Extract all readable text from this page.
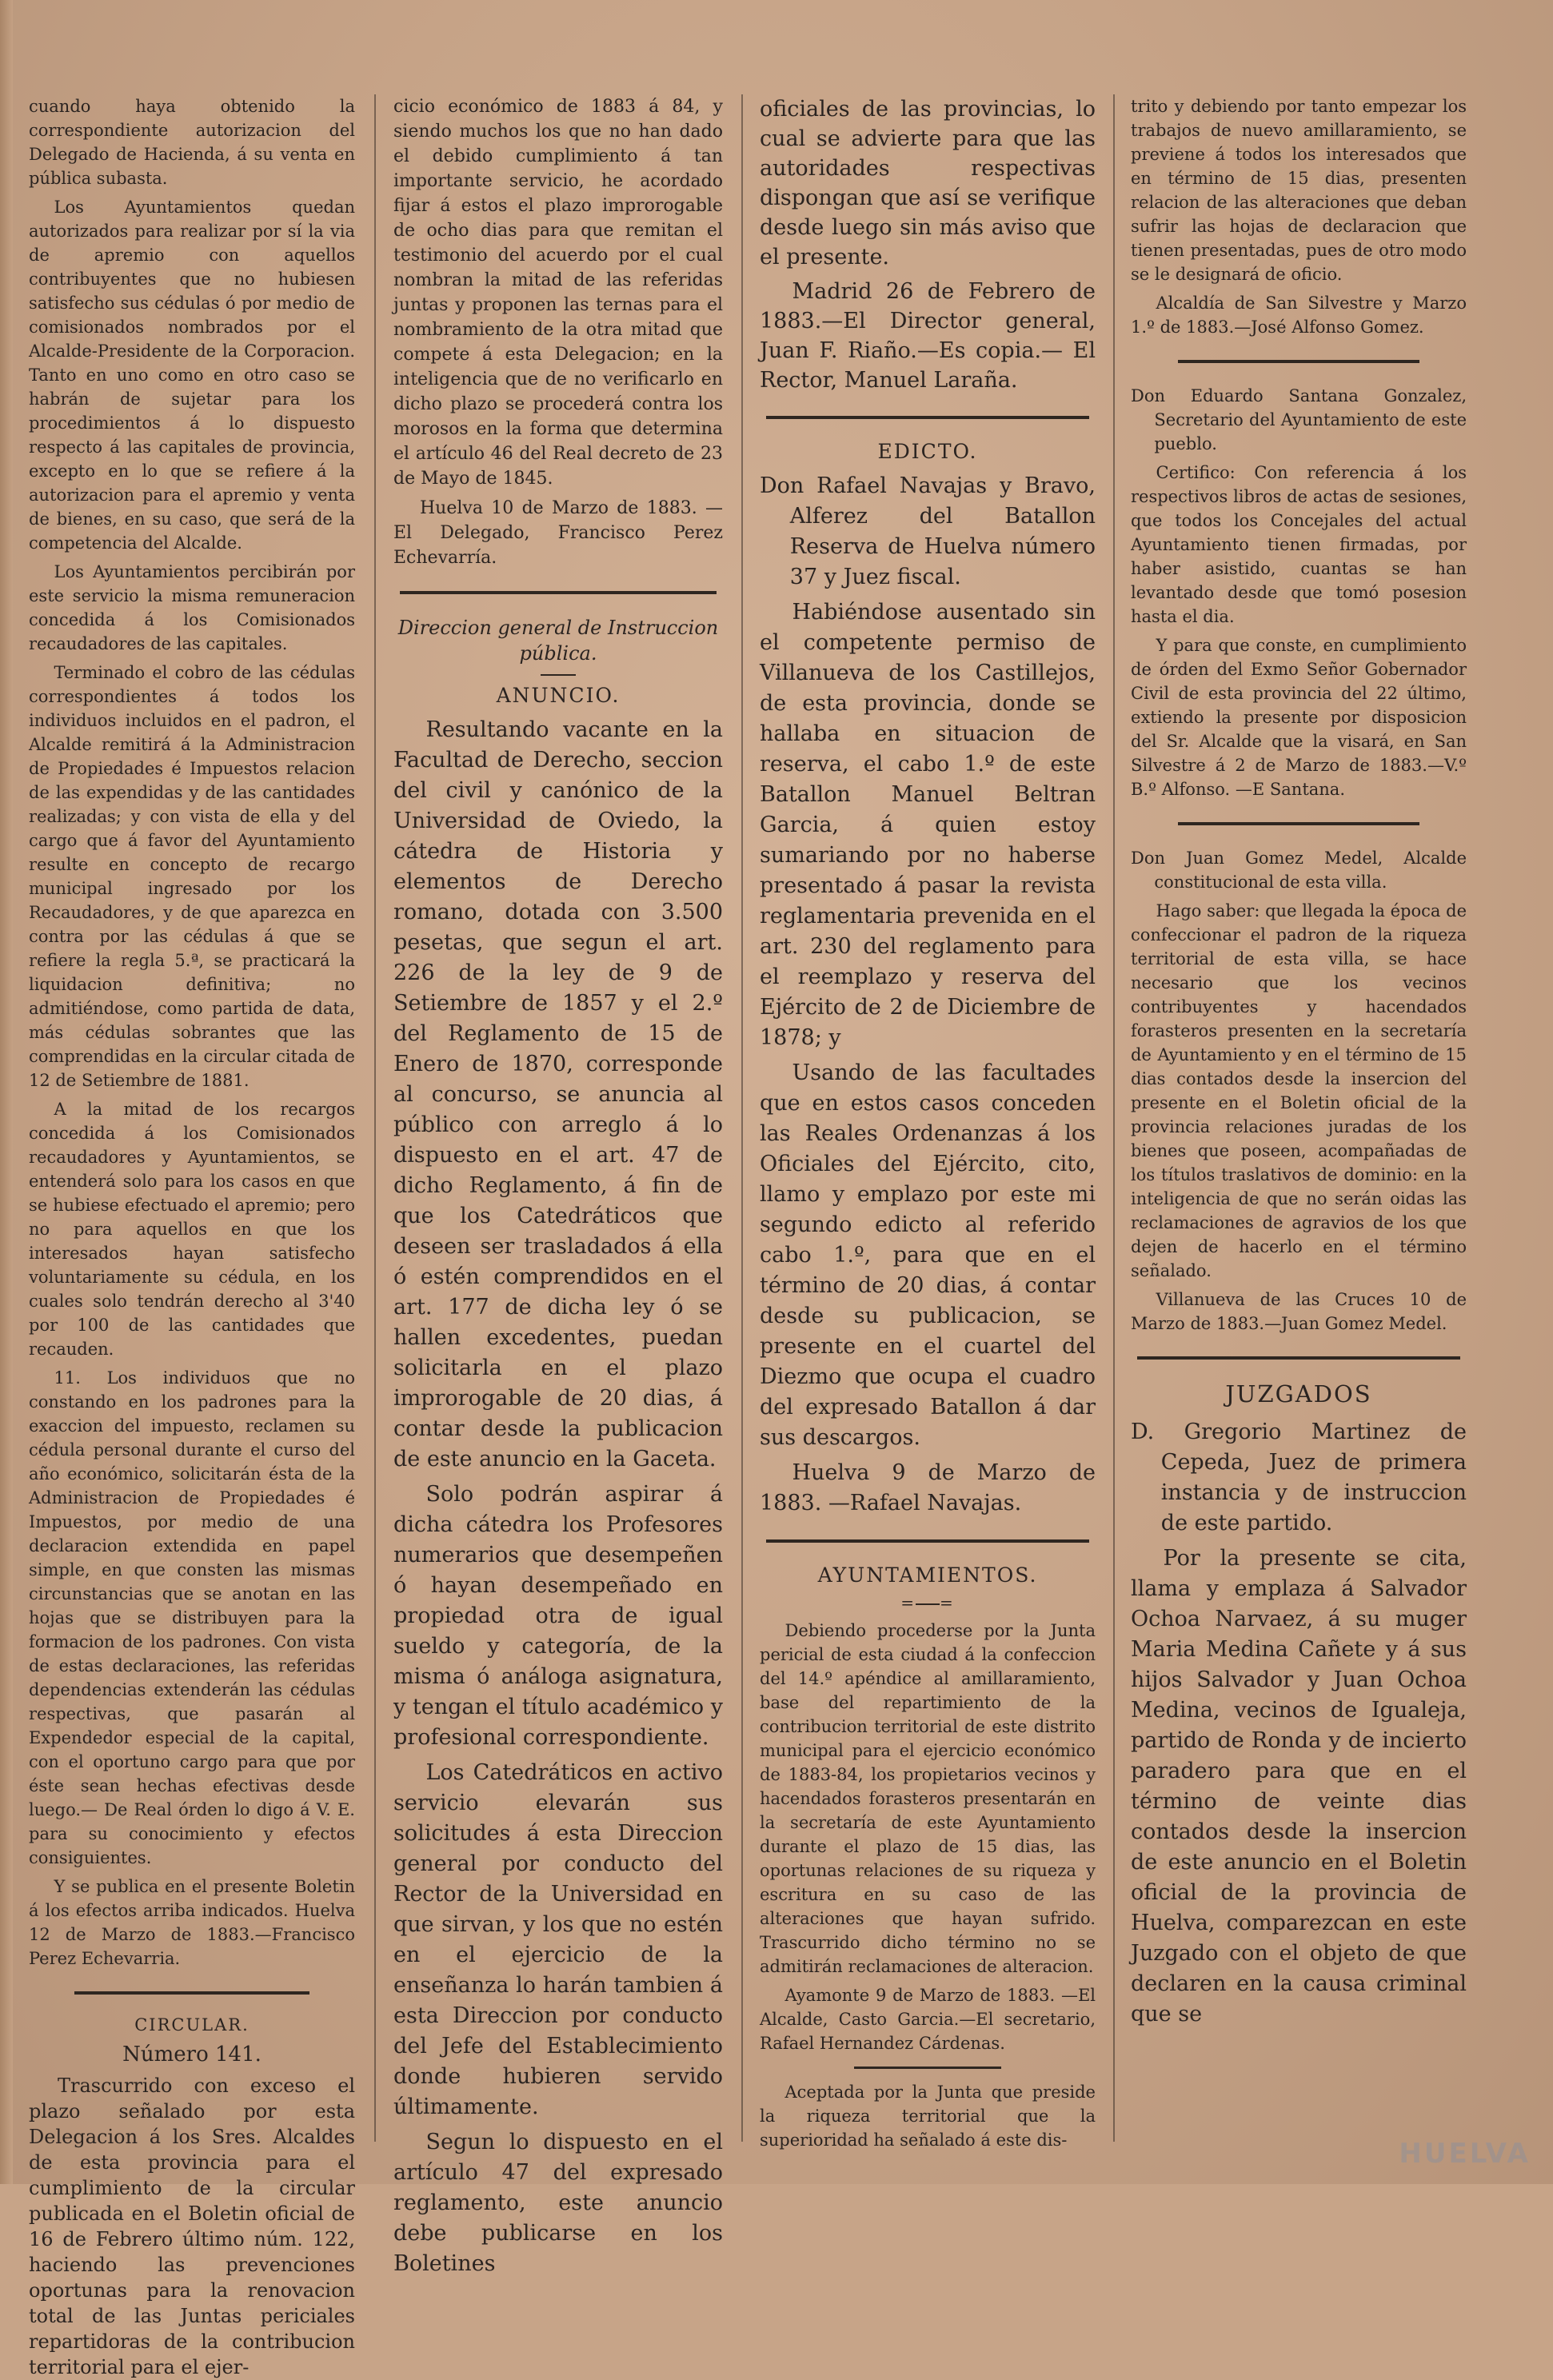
cuando haya obtenido la correspondiente autorizacion del Delegado de Hacienda, á su venta en pública subasta.

Los Ayuntamientos quedan autorizados para realizar por sí la via de apremio con aquellos contribuyentes que no hubiesen satisfecho sus cédulas ó por medio de comisionados nombrados por el Alcalde-Presidente de la Corporacion. Tanto en uno como en otro caso se habrán de sujetar para los procedimientos á lo dispuesto respecto á las capitales de provincia, excepto en lo que se refiere á la autorizacion para el apremio y venta de bienes, en su caso, que será de la competencia del Alcalde.

Los Ayuntamientos percibirán por este servicio la misma remuneracion concedida á los Comisionados recaudadores de las capitales.

Terminado el cobro de las cédulas correspondientes á todos los individuos incluidos en el padron, el Alcalde remitirá á la Administracion de Propiedades é Impuestos relacion de las expendidas y de las cantidades realizadas; y con vista de ella y del cargo que á favor del Ayuntamiento resulte en concepto de recargo municipal ingresado por los Recaudadores, y de que aparezca en contra por las cédulas á que se refiere la regla 5.ª, se practicará la liquidacion definitiva; no admitiéndose, como partida de data, más cédulas sobrantes que las comprendidas en la circular citada de 12 de Setiembre de 1881.

A la mitad de los recargos concedida á los Comisionados recaudadores y Ayuntamientos, se entenderá solo para los casos en que se hubiese efectuado el apremio; pero no para aquellos en que los interesados hayan satisfecho voluntariamente su cédula, en los cuales solo tendrán derecho al 3'40 por 100 de las cantidades que recauden.

11. Los individuos que no constando en los padrones para la exaccion del impuesto, reclamen su cédula personal durante el curso del año económico, solicitarán ésta de la Administracion de Propiedades é Impuestos, por medio de una declaracion extendida en papel simple, en que consten las mismas circunstancias que se anotan en las hojas que se distribuyen para la formacion de los padrones. Con vista de estas declaraciones, las referidas dependencias extenderán las cédulas respectivas, que pasarán al Expendedor especial de la capital, con el oportuno cargo para que por éste sean hechas efectivas desde luego.— De Real órden lo digo á V. E. para su conocimiento y efectos consiguientes.

Y se publica en el presente Boletin á los efectos arriba indicados. Huelva 12 de Marzo de 1883.—Francisco Perez Echevarria.

CIRCULAR.
Número 141.

Trascurrido con exceso el plazo señalado por esta Delegacion á los Sres. Alcaldes de esta provincia para el cumplimiento de la circular publicada en el Boletin oficial de 16 de Febrero último núm. 122, haciendo las prevenciones oportunas para la renovacion total de las Juntas periciales repartidoras de la contribucion territorial para el ejer-

cicio económico de 1883 á 84, y siendo muchos los que no han dado el debido cumplimiento á tan importante servicio, he acordado fijar á estos el plazo improrogable de ocho dias para que remitan el testimonio del acuerdo por el cual nombran la mitad de las referidas juntas y proponen las ternas para el nombramiento de la otra mitad que compete á esta Delegacion; en la inteligencia que de no verificarlo en dicho plazo se procederá contra los morosos en la forma que determina el artículo 46 del Real decreto de 23 de Mayo de 1845.

Huelva 10 de Marzo de 1883. —El Delegado, Francisco Perez Echevarría.

Direccion general de Instruccion pública.
ANUNCIO.

Resultando vacante en la Facultad de Derecho, seccion del civil y canónico de la Universidad de Oviedo, la cátedra de Historia y elementos de Derecho romano, dotada con 3.500 pesetas, que segun el art. 226 de la ley de 9 de Setiembre de 1857 y el 2.º del Reglamento de 15 de Enero de 1870, corresponde al concurso, se anuncia al público con arreglo á lo dispuesto en el art. 47 de dicho Reglamento, á fin de que los Catedráticos que deseen ser trasladados á ella ó estén comprendidos en el art. 177 de dicha ley ó se hallen excedentes, puedan solicitarla en el plazo improrogable de 20 dias, á contar desde la publicacion de este anuncio en la Gaceta.

Solo podrán aspirar á dicha cátedra los Profesores numerarios que desempeñen ó hayan desempeñado en propiedad otra de igual sueldo y categoría, de la misma ó análoga asignatura, y tengan el título académico y profesional correspondiente.

Los Catedráticos en activo servicio elevarán sus solicitudes á esta Direccion general por conducto del Rector de la Universidad en que sirvan, y los que no estén en el ejercicio de la enseñanza lo harán tambien á esta Direccion por conducto del Jefe del Establecimiento donde hubieren servido últimamente.

Segun lo dispuesto en el artículo 47 del expresado reglamento, este anuncio debe publicarse en los Boletines

oficiales de las provincias, lo cual se advierte para que las autoridades respectivas dispongan que así se verifique desde luego sin más aviso que el presente.

Madrid 26 de Febrero de 1883.—El Director general, Juan F. Riaño.—Es copia.— El Rector, Manuel Laraña.

EDICTO.

Don Rafael Navajas y Bravo, Alferez del Batallon Reserva de Huelva número 37 y Juez fiscal.

Habiéndose ausentado sin el competente permiso de Villanueva de los Castillejos, de esta provincia, donde se hallaba en situacion de reserva, el cabo 1.º de este Batallon Manuel Beltran Garcia, á quien estoy sumariando por no haberse presentado á pasar la revista reglamentaria prevenida en el art. 230 del reglamento para el reemplazo y reserva del Ejército de 2 de Diciembre de 1878; y

Usando de las facultades que en estos casos conceden las Reales Ordenanzas á los Oficiales del Ejército, cito, llamo y emplazo por este mi segundo edicto al referido cabo 1.º, para que en el término de 20 dias, á contar desde su publicacion, se presente en el cuartel del Diezmo que ocupa el cuadro del expresado Batallon á dar sus descargos.

Huelva 9 de Marzo de 1883. —Rafael Navajas.

AYUNTAMIENTOS.
= =

Debiendo procederse por la Junta pericial de esta ciudad á la confeccion del 14.º apéndice al amillaramiento, base del repartimiento de la contribucion territorial de este distrito municipal para el ejercicio económico de 1883-84, los propietarios vecinos y hacendados forasteros presentarán en la secretaría de este Ayuntamiento durante el plazo de 15 dias, las oportunas relaciones de su riqueza y escritura en su caso de las alteraciones que hayan sufrido. Trascurrido dicho término no se admitirán reclamaciones de alteracion.

Ayamonte 9 de Marzo de 1883. —El Alcalde, Casto Garcia.—El secretario, Rafael Hernandez Cárdenas.

Aceptada por la Junta que preside la riqueza territorial que la superioridad ha señalado á este dis-

trito y debiendo por tanto empezar los trabajos de nuevo amillaramiento, se previene á todos los interesados que en término de 15 dias, presenten relacion de las alteraciones que deban sufrir las hojas de declaracion que tienen presentadas, pues de otro modo se le designará de oficio.

Alcaldía de San Silvestre y Marzo 1.º de 1883.—José Alfonso Gomez.

Don Eduardo Santana Gonzalez, Secretario del Ayuntamiento de este pueblo.

Certifico: Con referencia á los respectivos libros de actas de sesiones, que todos los Concejales del actual Ayuntamiento tienen firmadas, por haber asistido, cuantas se han levantado desde que tomó posesion hasta el dia.

Y para que conste, en cumplimiento de órden del Exmo Señor Gobernador Civil de esta provincia del 22 último, extiendo la presente por disposicion del Sr. Alcalde que la visará, en San Silvestre á 2 de Marzo de 1883.—V.º B.º Alfonso. —E Santana.

Don Juan Gomez Medel, Alcalde constitucional de esta villa.

Hago saber: que llegada la época de confeccionar el padron de la riqueza territorial de esta villa, se hace necesario que los vecinos contribuyentes y hacendados forasteros presenten en la secretaría de Ayuntamiento y en el término de 15 dias contados desde la insercion del presente en el Boletin oficial de la provincia relaciones juradas de los bienes que poseen, acompañadas de los títulos traslativos de dominio: en la inteligencia de que no serán oidas las reclamaciones de agravios de los que dejen de hacerlo en el término señalado.

Villanueva de las Cruces 10 de Marzo de 1883.—Juan Gomez Medel.

JUZGADOS

D. Gregorio Martinez de Cepeda, Juez de primera instancia y de instruccion de este partido.

Por la presente se cita, llama y emplaza á Salvador Ochoa Narvaez, á su muger Maria Medina Cañete y á sus hijos Salvador y Juan Ochoa Medina, vecinos de Igualeja, partido de Ronda y de incierto paradero para que en el término de veinte dias contados desde la insercion de este anuncio en el Boletin oficial de la provincia de Huelva, comparezcan en este Juzgado con el objeto de que declaren en la causa criminal que se

HUELVA
